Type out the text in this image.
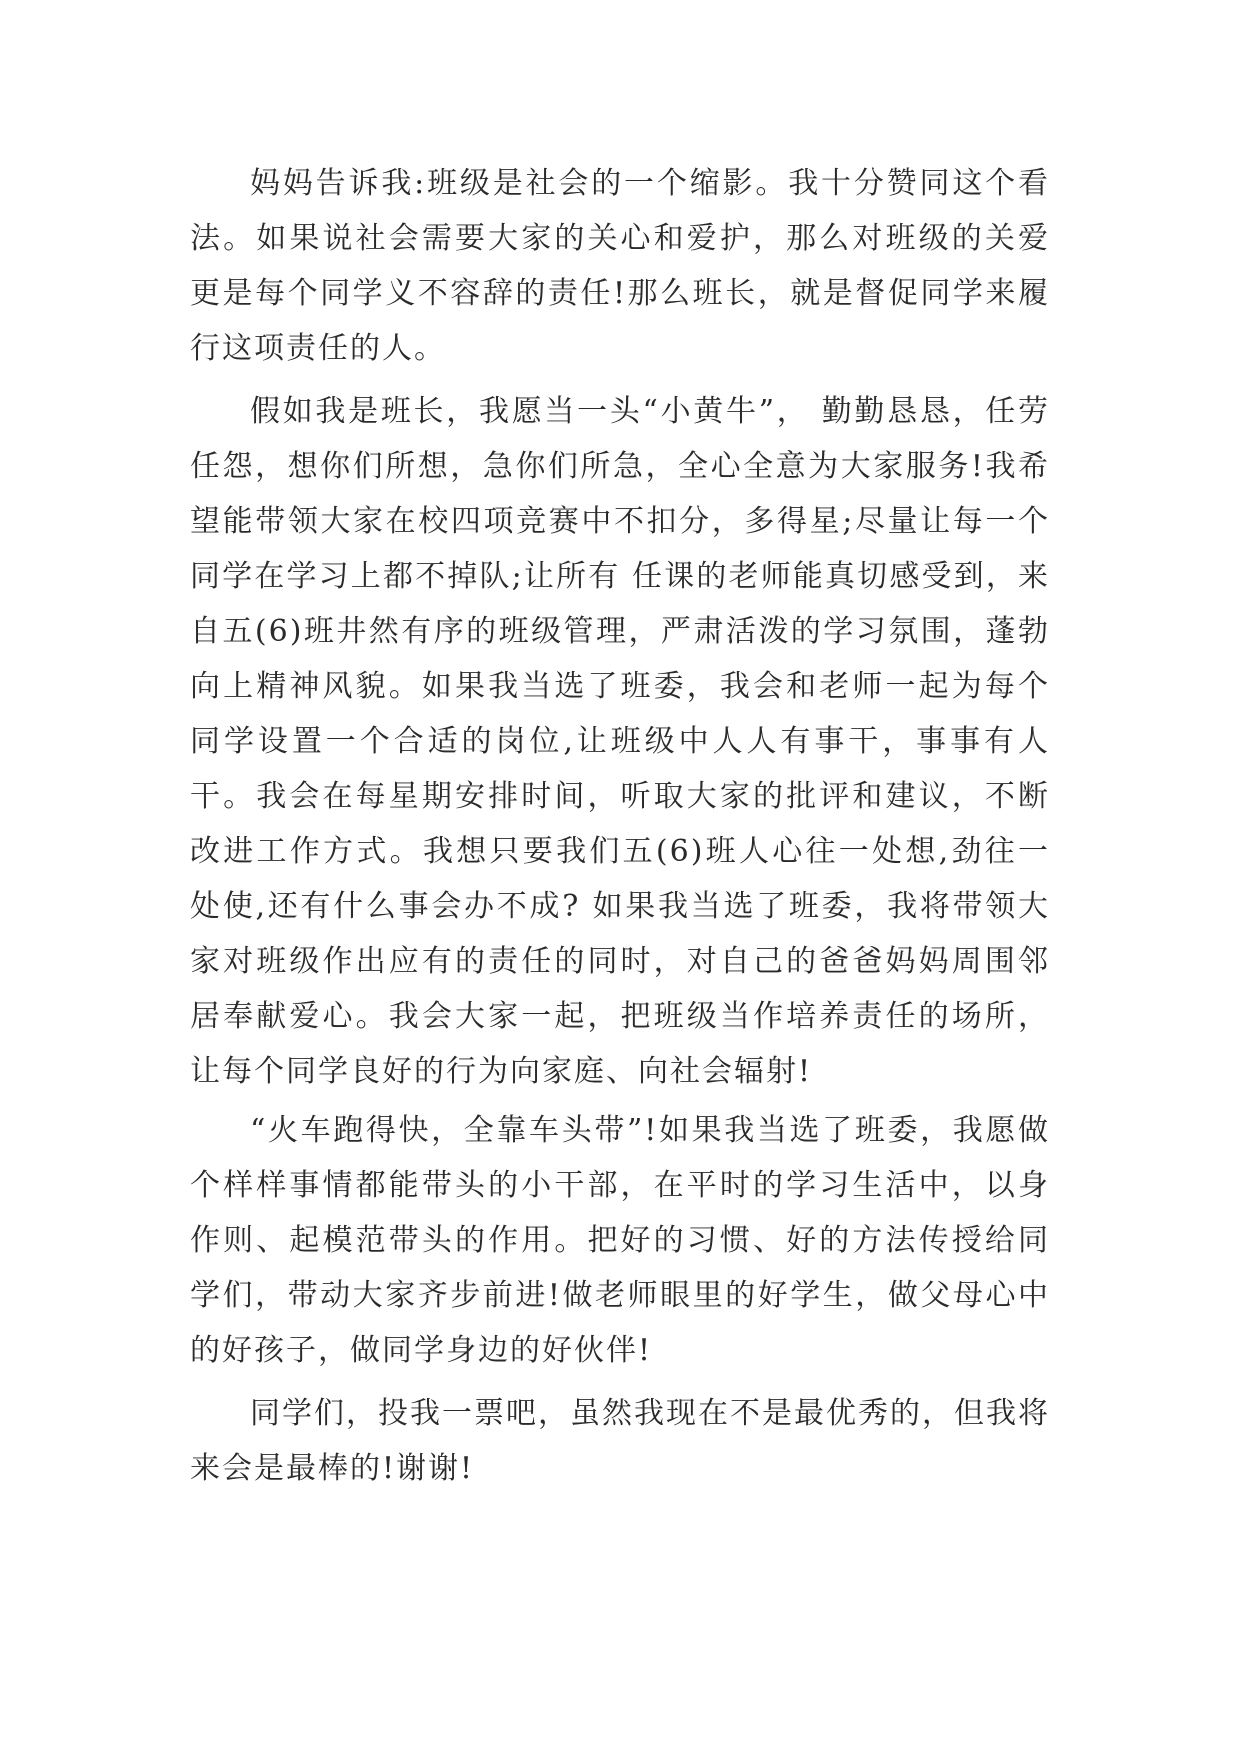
妈妈告诉我:班级是社会的一个缩影。我十分赞同这个看法。如果说社会需要大家的关心和爱护，那么对班级的关爱更是每个同学义不容辞的责任!那么班长，就是督促同学来履行这项责任的人。

假如我是班长，我愿当一头“小黄牛”， 勤勤恳恳，任劳任怨，想你们所想，急你们所急，全心全意为大家服务!我希望能带领大家在校四项竞赛中不扣分，多得星;尽量让每一个同学在学习上都不掉队;让所有 任课的老师能真切感受到，来自五(6)班井然有序的班级管理，严肃活泼的学习氛围，蓬勃向上精神风貌。如果我当选了班委，我会和老师一起为每个同学设置一个合适的岗位,让班级中人人有事干，事事有人干。我会在每星期安排时间，听取大家的批评和建议，不断改进工作方式。我想只要我们五(6)班人心往一处想,劲往一处使,还有什么事会办不成? 如果我当选了班委，我将带领大家对班级作出应有的责任的同时，对自己的爸爸妈妈周围邻居奉献爱心。我会大家一起，把班级当作培养责任的场所，让每个同学良好的行为向家庭、向社会辐射!

“火车跑得快，全靠车头带”!如果我当选了班委，我愿做个样样事情都能带头的小干部，在平时的学习生活中，以身作则、起模范带头的作用。把好的习惯、好的方法传授给同学们，带动大家齐步前进!做老师眼里的好学生，做父母心中的好孩子，做同学身边的好伙伴!

同学们，投我一票吧，虽然我现在不是最优秀的，但我将来会是最棒的!谢谢!
